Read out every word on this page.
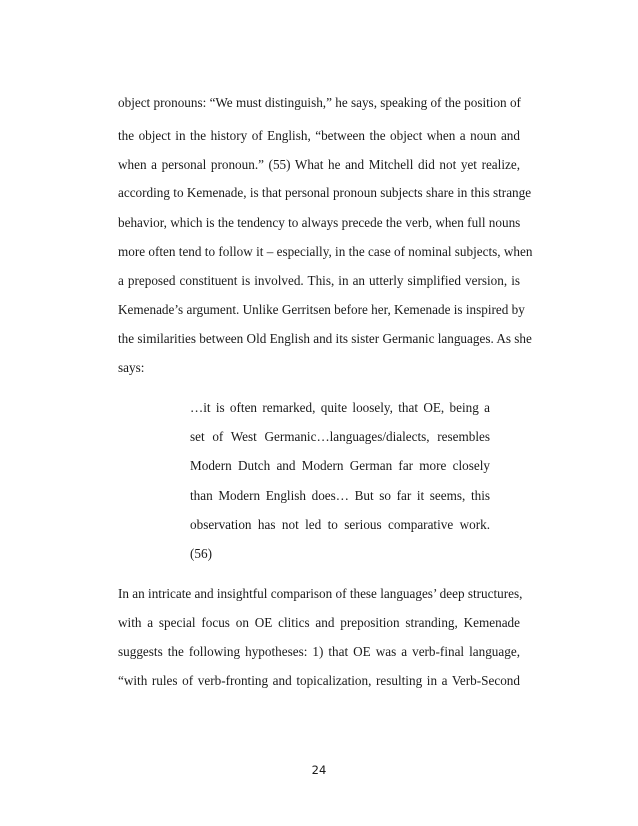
object pronouns: “We must distinguish,” he says, speaking of the position of
the object in the history of English, “between the object when a noun and
when a personal pronoun.” (55) What he and Mitchell did not yet realize,
according to Kemenade, is that personal pronoun subjects share in this strange
behavior, which is the tendency to always precede the verb, when full nouns
more often tend to follow it – especially, in the case of nominal subjects, when
a preposed constituent is involved. This, in an utterly simplified version, is
Kemenade’s argument. Unlike Gerritsen before her, Kemenade is inspired by
the similarities between Old English and its sister Germanic languages. As she
says:
…it is often remarked, quite loosely, that OE, being a
set of West Germanic…languages/dialects, resembles
Modern Dutch and Modern German far more closely
than Modern English does… But so far it seems, this
observation has not led to serious comparative work.
(56)
In an intricate and insightful comparison of these languages’ deep structures,
with a special focus on OE clitics and preposition stranding, Kemenade
suggests the following hypotheses: 1) that OE was a verb-final language,
“with rules of verb-fronting and topicalization, resulting in a Verb-Second
24
